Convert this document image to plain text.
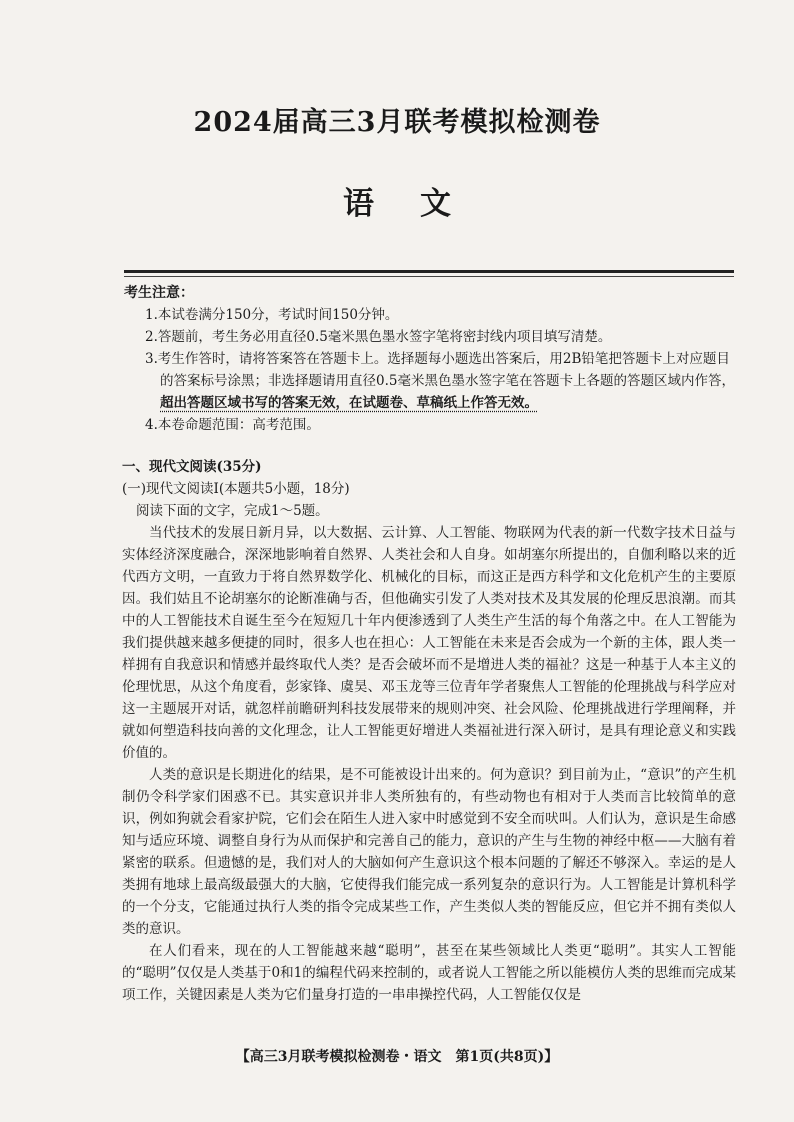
2024届高三3月联考模拟检测卷
语文
考生注意：
1.本试卷满分150分，考试时间150分钟。
2.答题前，考生务必用直径0.5毫米黑色墨水签字笔将密封线内项目填写清楚。
3.考生作答时，请将答案答在答题卡上。选择题每小题选出答案后，用2B铅笔把答题卡上对应题目的答案标号涂黑；非选择题请用直径0.5毫米黑色墨水签字笔在答题卡上各题的答题区域内作答，超出答题区域书写的答案无效，在试题卷、草稿纸上作答无效。
4.本卷命题范围：高考范围。
一、现代文阅读(35分)
(一)现代文阅读Ⅰ(本题共5小题，18分)
阅读下面的文字，完成1～5题。
当代技术的发展日新月异，以大数据、云计算、人工智能、物联网为代表的新一代数字技术日益与实体经济深度融合，深深地影响着自然界、人类社会和人自身。如胡塞尔所提出的，自伽利略以来的近代西方文明，一直致力于将自然界数学化、机械化的目标，而这正是西方科学和文化危机产生的主要原因。我们姑且不论胡塞尔的论断准确与否，但他确实引发了人类对技术及其发展的伦理反思浪潮。而其中的人工智能技术自诞生至今在短短几十年内便渗透到了人类生产生活的每个角落之中。在人工智能为我们提供越来越多便捷的同时，很多人也在担心：人工智能在未来是否会成为一个新的主体，跟人类一样拥有自我意识和情感并最终取代人类？是否会破坏而不是增进人类的福祉？这是一种基于人本主义的伦理忧思，从这个角度看，彭家锋、虞昊、邓玉龙等三位青年学者聚焦人工智能的伦理挑战与科学应对这一主题展开对话，就忽样前瞻研判科技发展带来的规则冲突、社会风险、伦理挑战进行学理阐释，并就如何塑造科技向善的文化理念，让人工智能更好增进人类福祉进行深入研讨，是具有理论意义和实践价值的。
人类的意识是长期进化的结果，是不可能被设计出来的。何为意识？到目前为止，“意识”的产生机制仍令科学家们困惑不已。其实意识并非人类所独有的，有些动物也有相对于人类而言比较简单的意识，例如狗就会看家护院，它们会在陌生人进入家中时感觉到不安全而吠叫。人们认为，意识是生命感知与适应环境、调整自身行为从而保护和完善自己的能力，意识的产生与生物的神经中枢——大脑有着紧密的联系。但遗憾的是，我们对人的大脑如何产生意识这个根本问题的了解还不够深入。幸运的是人类拥有地球上最高级最强大的大脑，它使得我们能完成一系列复杂的意识行为。人工智能是计算机科学的一个分支，它能通过执行人类的指令完成某些工作，产生类似人类的智能反应，但它并不拥有类似人类的意识。
在人们看来，现在的人工智能越来越“聪明”，甚至在某些领域比人类更“聪明”。其实人工智能的“聪明”仅仅是人类基于0和1的编程代码来控制的，或者说人工智能之所以能模仿人类的思维而完成某项工作，关键因素是人类为它们量身打造的一串串操控代码，人工智能仅仅是
【高三3月联考模拟检测卷・语文　第1页(共8页)】
